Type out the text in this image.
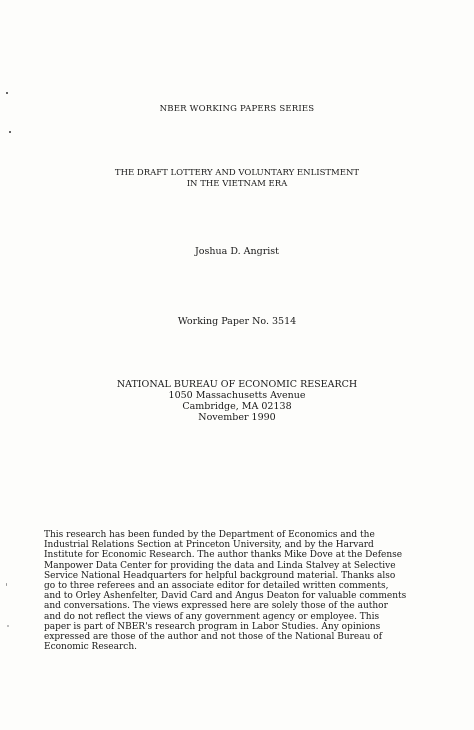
NBER WORKING PAPERS SERIES
THE DRAFT LOTTERY AND VOLUNTARY ENLISTMENT
IN THE VIETNAM ERA
Joshua D. Angrist
Working Paper No. 3514
NATIONAL BUREAU OF ECONOMIC RESEARCH
1050 Massachusetts Avenue
Cambridge, MA 02138
November 1990
This research has been funded by the Department of Economics and the
Industrial Relations Section at Princeton University, and by the Harvard
Institute for Economic Research. The author thanks Mike Dove at the Defense
Manpower Data Center for providing the data and Linda Stalvey at Selective
Service National Headquarters for helpful background material. Thanks also
go to three referees and an associate editor for detailed written comments,
and to Orley Ashenfelter, David Card and Angus Deaton for valuable comments
and conversations. The views expressed here are solely those of the author
and do not reflect the views of any government agency or employee. This
paper is part of NBER's research program in Labor Studies. Any opinions
expressed are those of the author and not those of the National Bureau of
Economic Research.
